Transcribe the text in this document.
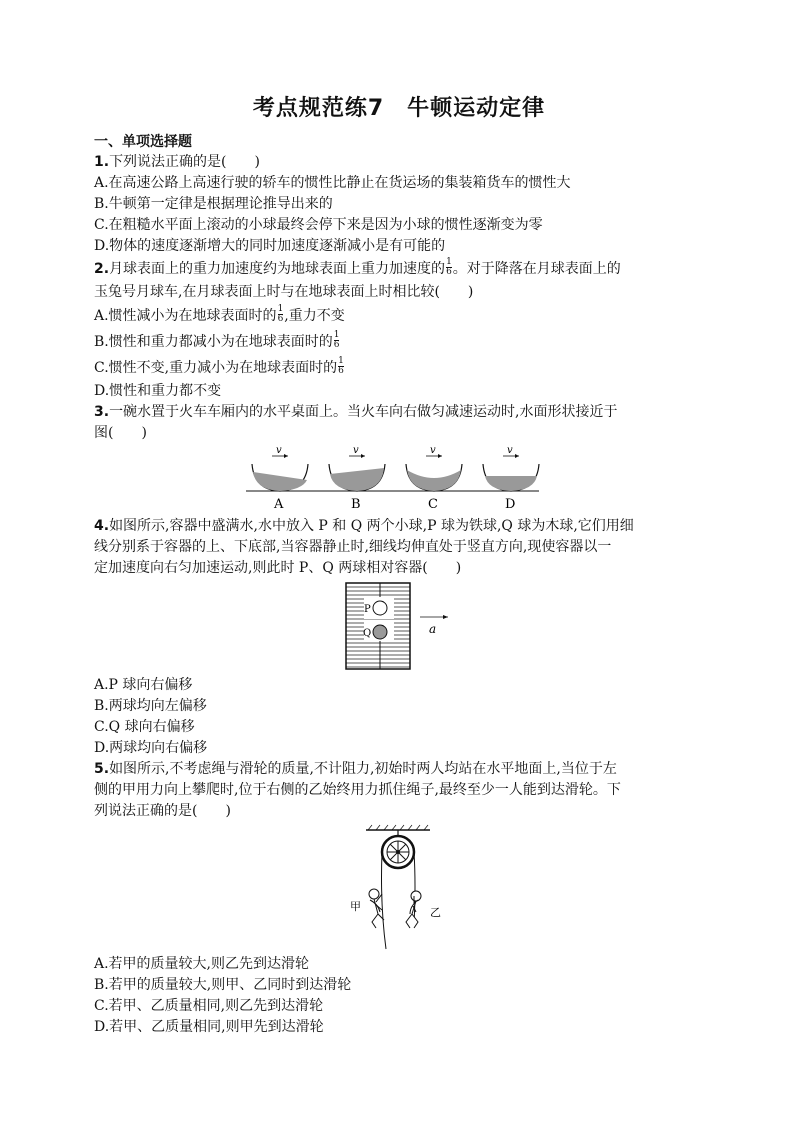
考点规范练7　牛顿运动定律
一、单项选择题
1.下列说法正确的是(　　)
A.在高速公路上高速行驶的轿车的惯性比静止在货运场的集装箱货车的惯性大
B.牛顿第一定律是根据理论推导出来的
C.在粗糙水平面上滚动的小球最终会停下来是因为小球的惯性逐渐变为零
D.物体的速度逐渐增大的同时加速度逐渐减小是有可能的
2.月球表面上的重力加速度约为地球表面上重力加速度的 $\frac{1}{6}$ 。对于降落在月球表面上的
玉兔号月球车,在月球表面上时与在地球表面上时相比较(　　)
A.惯性减小为在地球表面时的 $\frac{1}{6}$ ,重力不变
B.惯性和重力都减小为在地球表面时的 $\frac{1}{6}$
C.惯性不变,重力减小为在地球表面时的 $\frac{1}{6}$
D.惯性和重力都不变
3.一碗水置于火车车厢内的水平桌面上。当火车向右做匀减速运动时,水面形状接近于
图(　　)
v	v	v	v
A	B	C	D
4.如图所示,容器中盛满水,水中放入 P 和 Q 两个小球,P 球为铁球,Q 球为木球,它们用细
线分别系于容器的上、下底部,当容器静止时,细线均伸直处于竖直方向,现使容器以一
定加速度向右匀加速运动,则此时 P、Q 两球相对容器(　　)
P
Q	a
A.P 球向右偏移
B.两球均向左偏移
C.Q 球向右偏移
D.两球均向右偏移
5.如图所示,不考虑绳与滑轮的质量,不计阻力,初始时两人均站在水平地面上,当位于左
侧的甲用力向上攀爬时,位于右侧的乙始终用力抓住绳子,最终至少一人能到达滑轮。下
列说法正确的是(　　)
甲	乙
A.若甲的质量较大,则乙先到达滑轮
B.若甲的质量较大,则甲、乙同时到达滑轮
C.若甲、乙质量相同,则乙先到达滑轮
D.若甲、乙质量相同,则甲先到达滑轮
